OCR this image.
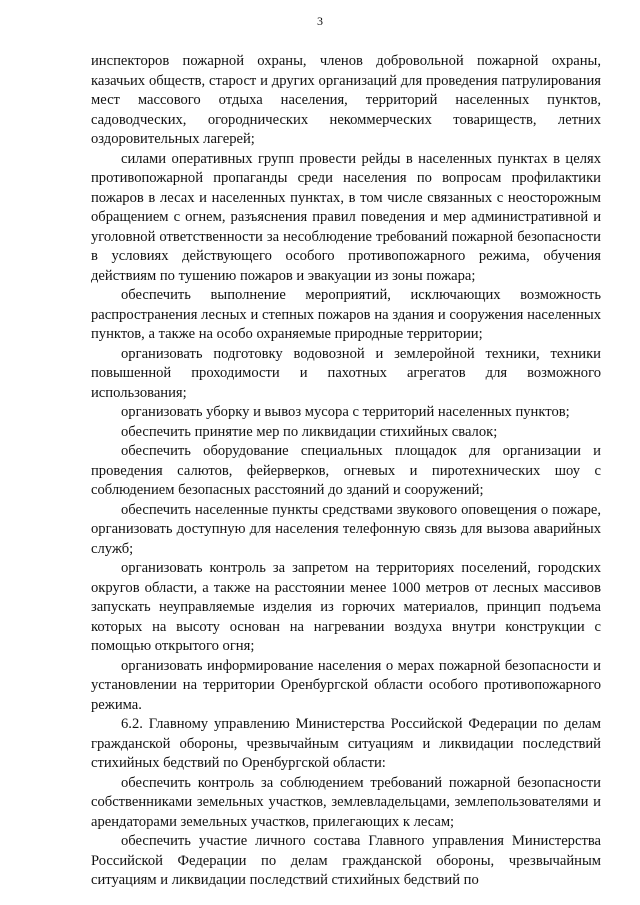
3

инспекторов пожарной охраны, членов добровольной пожарной охраны, казачьих обществ, старост и других организаций для проведения патрулирования мест массового отдыха населения, территорий населенных пунктов, садоводческих, огороднических некоммерческих товариществ, летних оздоровительных лагерей;

силами оперативных групп провести рейды в населенных пунктах в целях противопожарной пропаганды среди населения по вопросам профилактики пожаров в лесах и населенных пунктах, в том числе связанных с неосторожным обращением с огнем, разъяснения правил поведения и мер административной и уголовной ответственности за несоблюдение требований пожарной безопасности в условиях действующего особого противопожарного режима, обучения действиям по тушению пожаров и эвакуации из зоны пожара;

обеспечить выполнение мероприятий, исключающих возможность распространения лесных и степных пожаров на здания и сооружения населенных пунктов, а также на особо охраняемые природные территории;

организовать подготовку водовозной и землеройной техники, техники повышенной проходимости и пахотных агрегатов для возможного использования;

организовать уборку и вывоз мусора с территорий населенных пунктов;

обеспечить принятие мер по ликвидации стихийных свалок;

обеспечить оборудование специальных площадок для организации и проведения салютов, фейерверков, огневых и пиротехнических шоу с соблюдением безопасных расстояний до зданий и сооружений;

обеспечить населенные пункты средствами звукового оповещения о пожаре, организовать доступную для населения телефонную связь для вызова аварийных служб;

организовать контроль за запретом на территориях поселений, городских округов области, а также на расстоянии менее 1000 метров от лесных массивов запускать неуправляемые изделия из горючих материалов, принцип подъема которых на высоту основан на нагревании воздуха внутри конструкции с помощью открытого огня;

организовать информирование населения о мерах пожарной безопасности и установлении на территории Оренбургской области особого противопожарного режима.

6.2. Главному управлению Министерства Российской Федерации по делам гражданской обороны, чрезвычайным ситуациям и ликвидации последствий стихийных бедствий по Оренбургской области:

обеспечить контроль за соблюдением требований пожарной безопасности собственниками земельных участков, землевладельцами, землепользователями и арендаторами земельных участков, прилегающих к лесам;

обеспечить участие личного состава Главного управления Министерства Российской Федерации по делам гражданской обороны, чрезвычайным ситуациям и ликвидации последствий стихийных бедствий по
